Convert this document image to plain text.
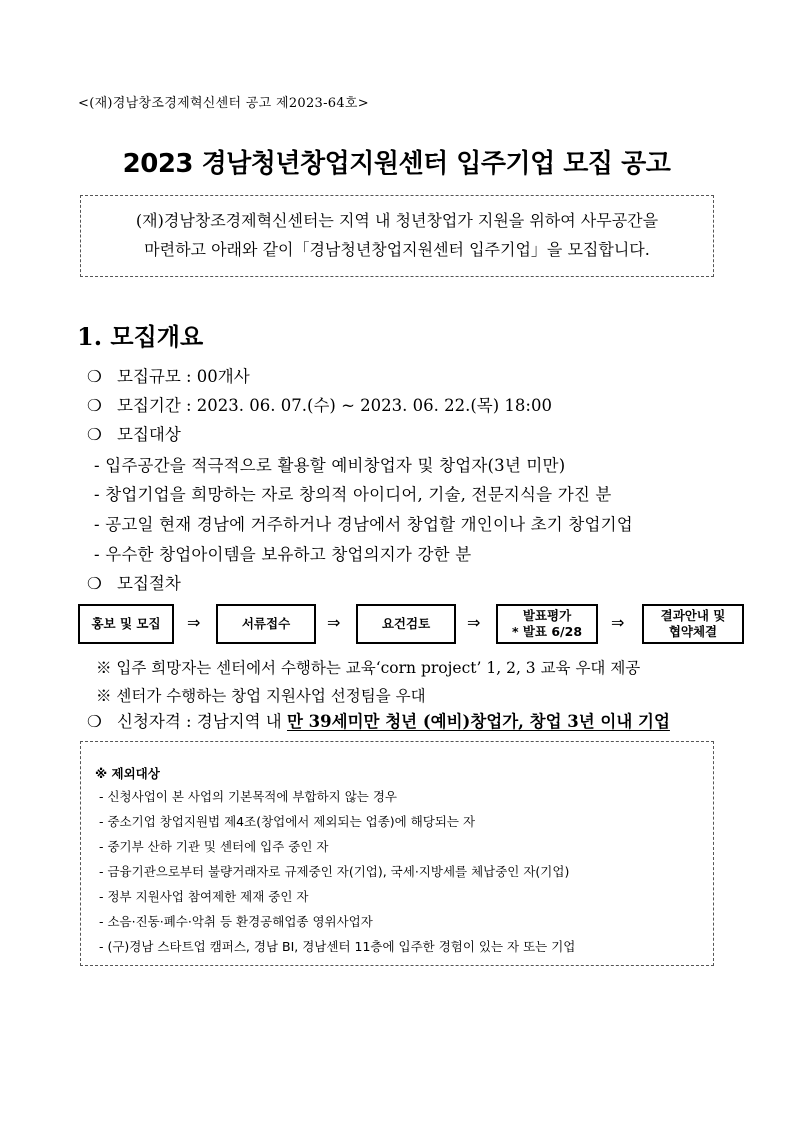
<(재)경남창조경제혁신센터 공고 제2023-64호>
2023 경남청년창업지원센터 입주기업 모집 공고

(재)경남창조경제혁신센터는 지역 내 청년창업가 지원을 위하여 사무공간을

마련하고 아래와 같이「경남청년창업지원센터 입주기업」을 모집합니다.

1. 모집개요
❍ 모집규모 : 00개사
❍ 모집기간 : 2023. 06. 07.(수) ~ 2023. 06. 22.(목) 18:00
❍ 모집대상
- 입주공간을 적극적으로 활용할 예비창업자 및 창업자(3년 미만)
- 창업기업을 희망하는 자로 창의적 아이디어, 기술, 전문지식을 가진 분
- 공고일 현재 경남에 거주하거나 경남에서 창업할 개인이나 초기 창업기업
- 우수한 창업아이템을 보유하고 창업의지가 강한 분
❍ 모집절차
홍보 및 모집 ⇒	서류접수 ⇒	요건검토 ⇒	발표평가
* 발표 6/28 ⇒	결과안내 및
협약체결
※ 입주 희망자는 센터에서 수행하는 교육‘corn project’ 1, 2, 3 교육 우대 제공
※ 센터가 수행하는 창업 지원사업 선정팀을 우대
❍ 신청자격 : 경남지역 내 만 39세미만 청년 (예비)창업가, 창업 3년 이내 기업
※ 제외대상
- 신청사업이 본 사업의 기본목적에 부합하지 않는 경우
- 중소기업 창업지원법 제4조(창업에서 제외되는 업종)에 해당되는 자
- 중기부 산하 기관 및 센터에 입주 중인 자
- 금융기관으로부터 불량거래자로 규제중인 자(기업), 국세·지방세를 체납중인 자(기업)
- 정부 지원사업 참여제한 제재 중인 자
- 소음·진동·폐수·악취 등 환경공해업종 영위사업자
- (구)경남 스타트업 캠퍼스, 경남 BI, 경남센터 11층에 입주한 경험이 있는 자 또는 기업
